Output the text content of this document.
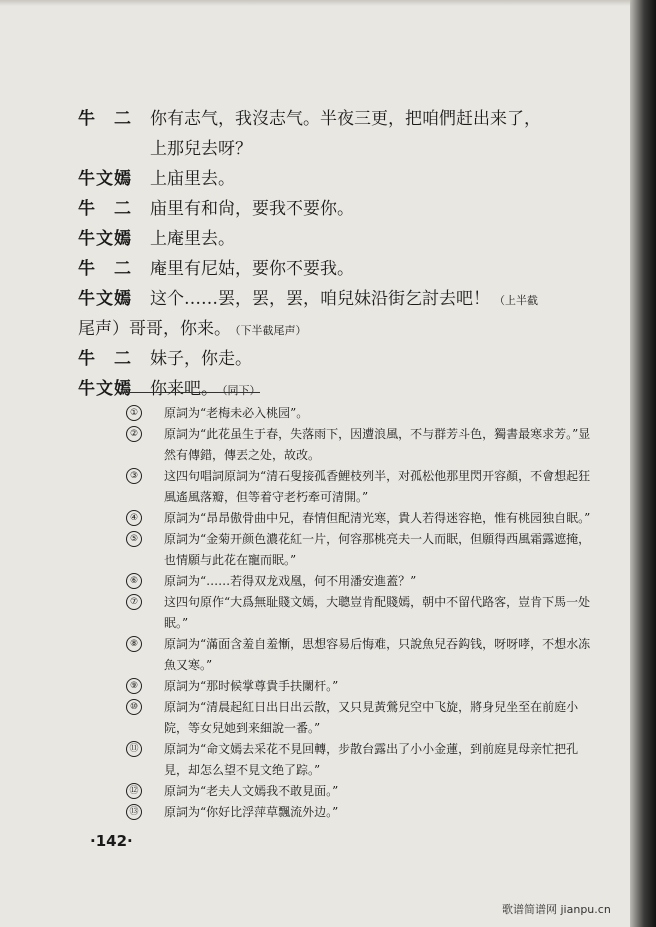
牛　二 你有志气，我沒志气。半夜三更，把咱們赶出来了，
上那兒去呀？
牛文嫣 上庙里去。
牛　二 庙里有和尙，要我不要你。
牛文嫣 上庵里去。
牛　二 庵里有尼姑，要你不要我。
牛文嫣 这个……罢，罢，罢，咱兒妹沿街乞討去吧！ （上半截
尾声）哥哥，你来。 （下半截尾声）
牛　二 妹子，你走。
牛文嫣 你来吧。 （同下）
①	原詞为“老梅未必入桃园”。
②	原詞为“此花虽生于春，失落雨下，因遭浪風，不与群芳斗色，獨書最寒求芳。”显然有傳錯，傳丟之处，故改。
③	这四句唱詞原詞为“清石叟接孤香鯉枝列半，对孤松他那里閃开容顏，不會想起狂風遙風落瓣，但等着守老朽牽可清開。”
④	原詞为“昂昂傲骨曲中兄，春情但配清光寒，貴人若得迷容艳，惟有桃园独自眠。”
⑤	原詞为“金菊开颜色濃花紅一片，何容那桃亮夫一人而眠，但願得西風霜露遮掩，也情願与此花在寵而眠。”
⑥	原詞为“……若得双龙戏凰，何不用潘安進蓋？”
⑦	这四句原作“大爲無耻賤文嫣，大聰豈肯配賤嫣，朝中不留代路客，豈肯下馬一处眠。”
⑧	原詞为“滿面含羞自羞慚，思想容易后悔难，只說魚兒吞鈎钱，呀呀哮，不想水冻魚又寒。”
⑨	原詞为“那时候掌尊貴手扶闌杆。”
⑩	原詞为“清晨起紅日出日出云散，又只見黃鶯兒空中飞旋，將身兒坐至在前庭小院，等女兒她到来細說一番。”
⑪ 原詞为“命文嫣去采花不見回轉，步散台露出了小小金蓮，到前庭見母亲忙把孔見，却怎么望不見文绝了踪。”
⑫ 原詞为“老夫人文嫣我不敢見面。”
⑬ 原詞为“你好比浮萍草飄流外边。”
·142·
歌谱简谱网 jianpu.cn
